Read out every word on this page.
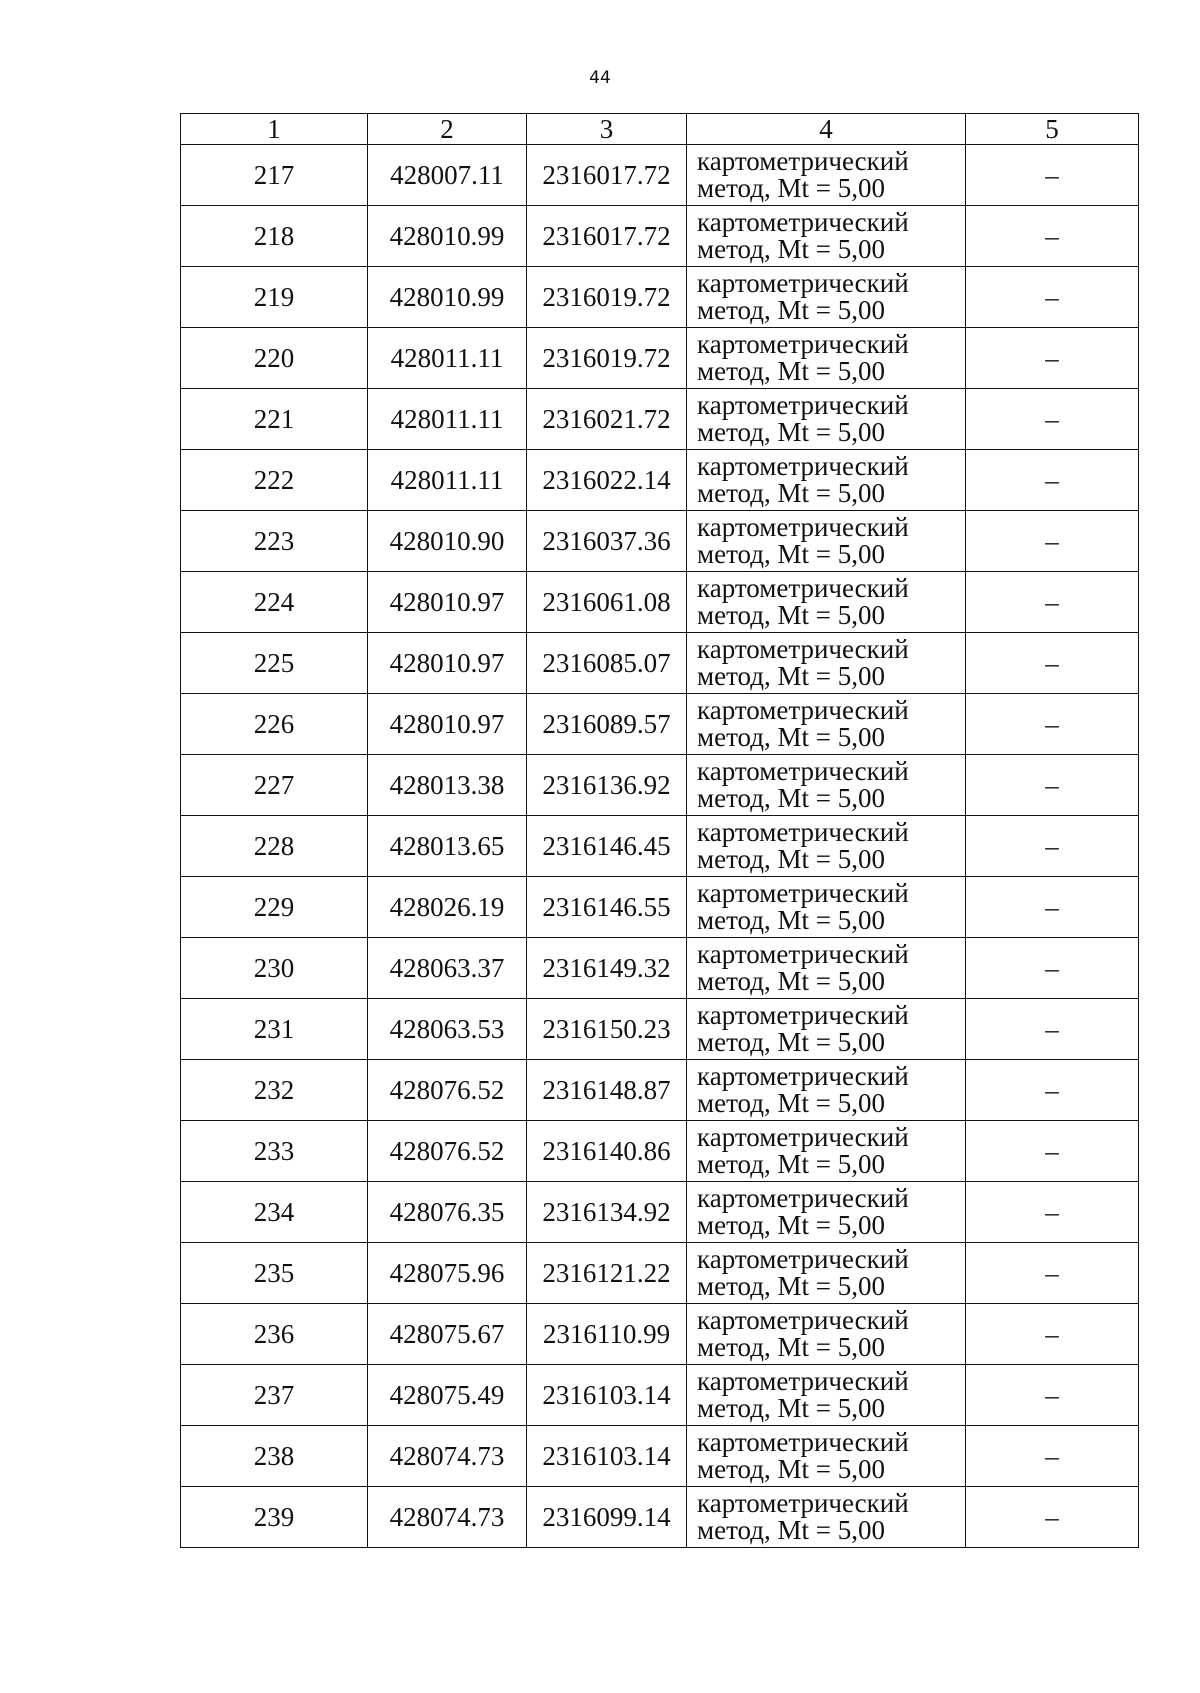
44
1	2	3	4	5
217	428007.11	2316017.72	картометрический
метод, Mt = 5,00	–
218	428010.99	2316017.72	картометрический
метод, Mt = 5,00	–
219	428010.99	2316019.72	картометрический
метод, Mt = 5,00	–
220	428011.11	2316019.72	картометрический
метод, Mt = 5,00	–
221	428011.11	2316021.72	картометрический
метод, Mt = 5,00	–
222	428011.11	2316022.14	картометрический
метод, Mt = 5,00	–
223	428010.90	2316037.36	картометрический
метод, Mt = 5,00	–
224	428010.97	2316061.08	картометрический
метод, Mt = 5,00	–
225	428010.97	2316085.07	картометрический
метод, Mt = 5,00	–
226	428010.97	2316089.57	картометрический
метод, Mt = 5,00	–
227	428013.38	2316136.92	картометрический
метод, Mt = 5,00	–
228	428013.65	2316146.45	картометрический
метод, Mt = 5,00	–
229	428026.19	2316146.55	картометрический
метод, Mt = 5,00	–
230	428063.37	2316149.32	картометрический
метод, Mt = 5,00	–
231	428063.53	2316150.23	картометрический
метод, Mt = 5,00	–
232	428076.52	2316148.87	картометрический
метод, Mt = 5,00	–
233	428076.52	2316140.86	картометрический
метод, Mt = 5,00	–
234	428076.35	2316134.92	картометрический
метод, Mt = 5,00	–
235	428075.96	2316121.22	картометрический
метод, Mt = 5,00	–
236	428075.67	2316110.99	картометрический
метод, Mt = 5,00	–
237	428075.49	2316103.14	картометрический
метод, Mt = 5,00	–
238	428074.73	2316103.14	картометрический
метод, Mt = 5,00	–
239	428074.73	2316099.14	картометрический
метод, Mt = 5,00	–
